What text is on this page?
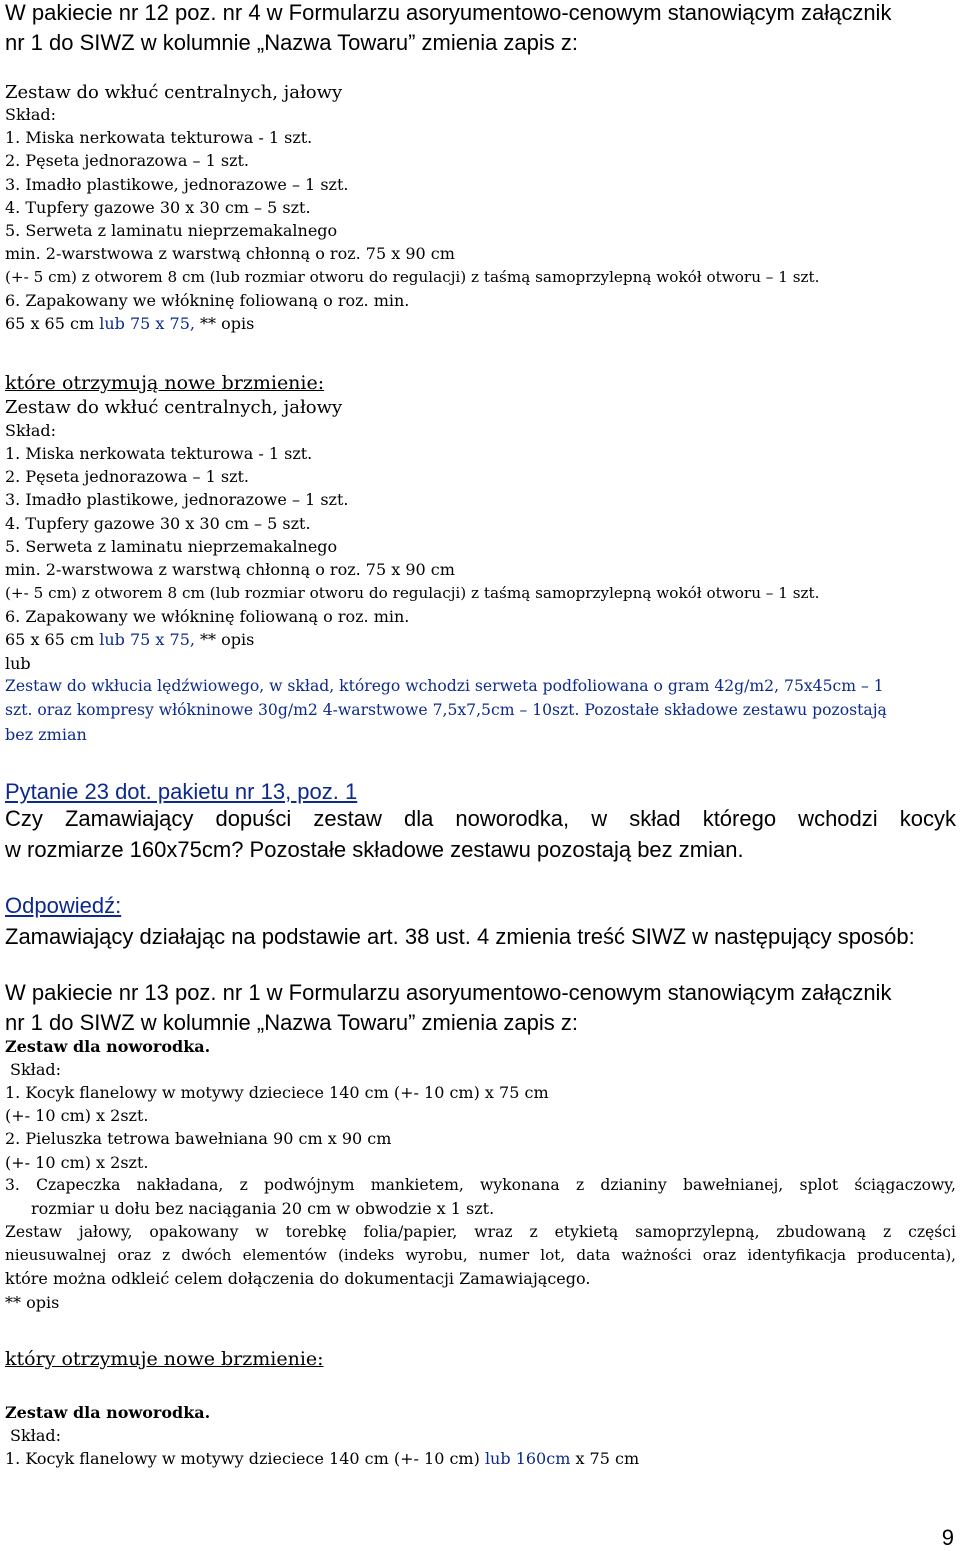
W pakiecie nr 12 poz. nr 4 w Formularzu asoryumentowo-cenowym stanowiącym załącznik
nr 1 do SIWZ w kolumnie „Nazwa Towaru” zmienia zapis z:
Zestaw do wkłuć centralnych, jałowy
Skład:
1. Miska nerkowata tekturowa - 1 szt.
2. Pęseta jednorazowa – 1 szt.
3. Imadło plastikowe, jednorazowe – 1 szt.
4. Tupfery gazowe 30 x 30 cm – 5 szt.
5. Serweta z laminatu nieprzemakalnego
min. 2-warstwowa z warstwą chłonną o roz. 75 x 90 cm
(+- 5 cm) z otworem 8 cm (lub rozmiar otworu do regulacji) z taśmą samoprzylepną wokół otworu – 1 szt.
6. Zapakowany we włókninę foliowaną o roz. min.
65 x 65 cm lub 75 x 75, ** opis
które otrzymują nowe brzmienie:
Zestaw do wkłuć centralnych, jałowy
Skład:
1. Miska nerkowata tekturowa - 1 szt.
2. Pęseta jednorazowa – 1 szt.
3. Imadło plastikowe, jednorazowe – 1 szt.
4. Tupfery gazowe 30 x 30 cm – 5 szt.
5. Serweta z laminatu nieprzemakalnego
min. 2-warstwowa z warstwą chłonną o roz. 75 x 90 cm
(+- 5 cm) z otworem 8 cm (lub rozmiar otworu do regulacji) z taśmą samoprzylepną wokół otworu – 1 szt.
6. Zapakowany we włókninę foliowaną o roz. min.
65 x 65 cm lub 75 x 75, ** opis
lub
Zestaw do wkłucia lędźwiowego, w skład, którego wchodzi serweta podfoliowana o gram 42g/m2, 75x45cm – 1
szt. oraz kompresy włókninowe 30g/m2 4-warstwowe 7,5x7,5cm – 10szt. Pozostałe składowe zestawu pozostają
bez zmian
Pytanie 23 dot. pakietu nr 13, poz. 1
Czy Zamawiający dopuści zestaw dla noworodka, w skład którego wchodzi kocyk
w rozmiarze 160x75cm? Pozostałe składowe zestawu pozostają bez zmian.
Odpowiedź:
Zamawiający działając na podstawie art. 38 ust. 4 zmienia treść SIWZ w następujący sposób:
W pakiecie nr 13 poz. nr 1 w Formularzu asoryumentowo-cenowym stanowiącym załącznik
nr 1 do SIWZ w kolumnie „Nazwa Towaru” zmienia zapis z:
Zestaw dla noworodka.
Skład:
1. Kocyk flanelowy w motywy dzieciece 140 cm (+- 10 cm) x 75 cm
(+- 10 cm) x 2szt.
2. Pieluszka tetrowa bawełniana 90 cm x 90 cm
(+- 10 cm) x 2szt.
3. Czapeczka nakładana, z podwójnym mankietem, wykonana z dzianiny bawełnianej, splot ściągaczowy,
rozmiar u dołu bez naciągania 20 cm w obwodzie x 1 szt.
Zestaw jałowy, opakowany w torebkę folia/papier, wraz z etykietą samoprzylepną, zbudowaną z części
nieusuwalnej oraz z dwóch elementów (indeks wyrobu, numer lot, data ważności oraz identyfikacja producenta),
które można odkleić celem dołączenia do dokumentacji Zamawiającego.
** opis
który otrzymuje nowe brzmienie:
Zestaw dla noworodka.
Skład:
1. Kocyk flanelowy w motywy dzieciece 140 cm (+- 10 cm) lub 160cm x 75 cm
9
